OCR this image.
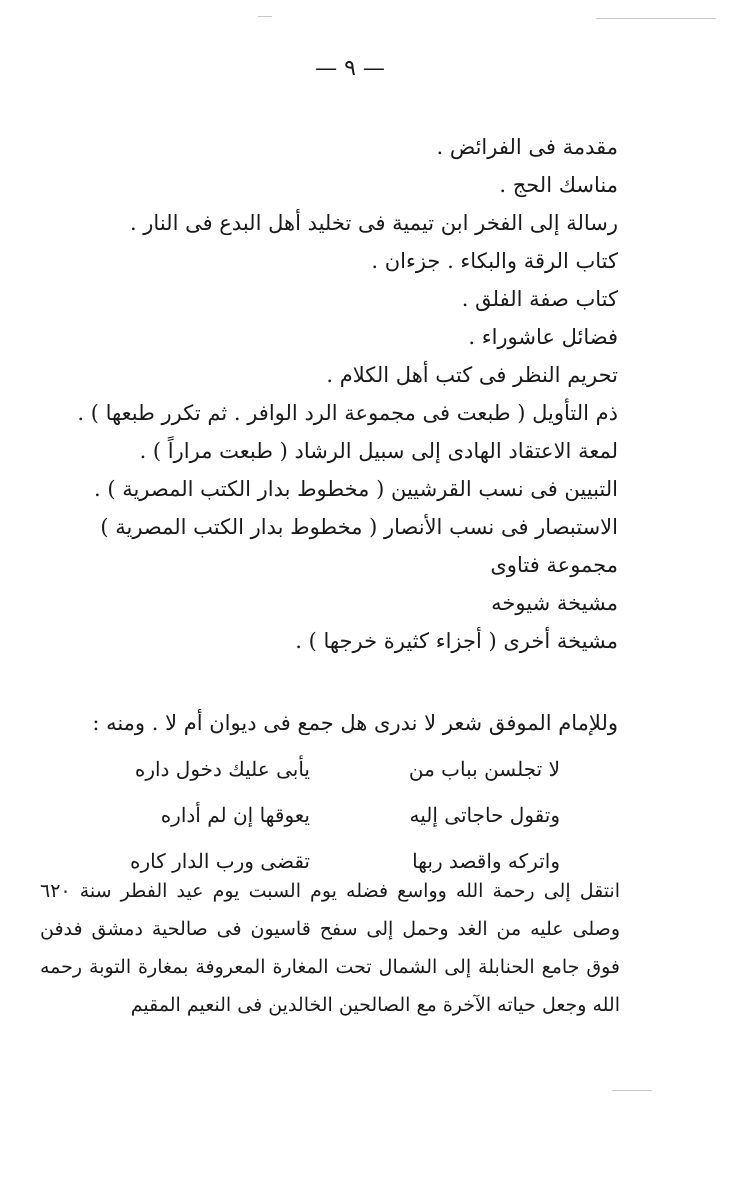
— ٩ —
مقدمة فى الفرائض .
مناسك الحج .
رسالة إلى الفخر ابن تيمية فى تخليد أهل البدع فى النار .
كتاب الرقة والبكاء . جزءان .
كتاب صفة الفلق .
فضائل عاشوراء .
تحريم النظر فى كتب أهل الكلام .
ذم التأويل ( طبعت فى مجموعة الرد الوافر . ثم تكرر طبعها ) .
لمعة الاعتقاد الهادى إلى سبيل الرشاد ( طبعت مراراً ) .
التبيين فى نسب القرشيين ( مخطوط بدار الكتب المصرية ) .
الاستبصار فى نسب الأنصار ( مخطوط بدار الكتب المصرية )
مجموعة فتاوى
مشيخة شيوخه
مشيخة أخرى ( أجزاء كثيرة خرجها ) .
وللإمام الموفق شعر لا ندرى هل جمع فى ديوان أم لا . ومنه :
لا تجلسن بباب من
يأبى عليك دخول داره
وتقول حاجاتى إليه
يعوقها إن لم أداره
واتركه واقصد ربها
تقضى ورب الدار كاره
انتقل إلى رحمة الله وواسع فضله يوم السبت يوم عيد الفطر سنة ٦٢٠ وصلى عليه من الغد وحمل إلى سفح قاسيون فى صالحية دمشق فدفن فوق جامع الحنابلة إلى الشمال تحت المغارة المعروفة بمغارة التوبة رحمه الله وجعل حياته الآخرة مع الصالحين الخالدين فى النعيم المقيم
